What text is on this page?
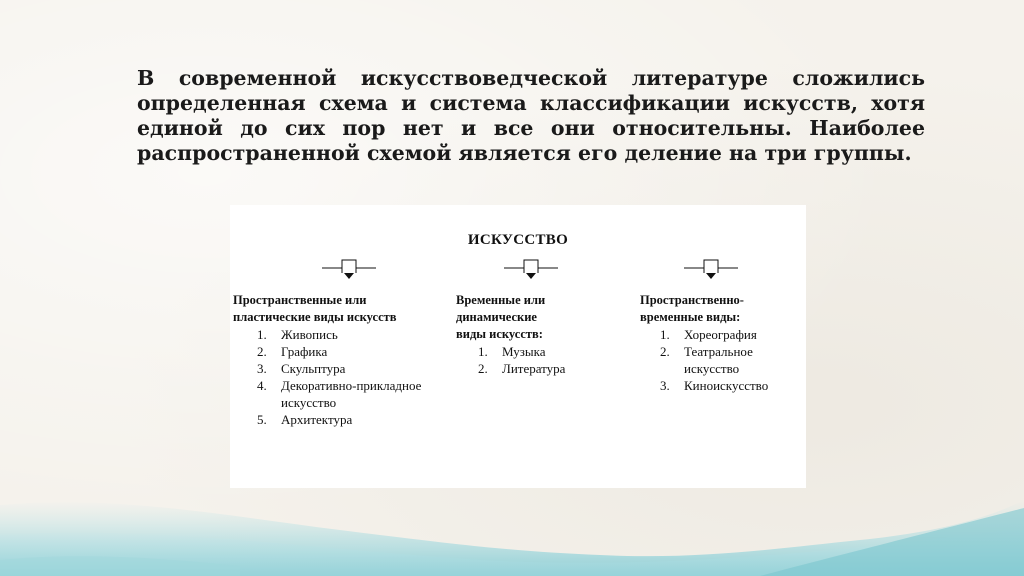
В современной искусствоведческой литературе сложились определенная схема и система классификации искусств, хотя единой до сих пор нет и все они относительны. Наиболее распространенной схемой является его деление на три группы.

ИСКУССТВО
Пространственные или
пластические виды искусств
1.	Живопись
2.	Графика
3.	Скульптура
4.	Декоративно-прикладное
искусство
5.	Архитектура
Временные или
динамические
виды искусств:
1.	Музыка
2.	Литература
Пространственно-
временные виды:
1.	Хореография
2.	Театральное
искусство
3.	Киноискусство
